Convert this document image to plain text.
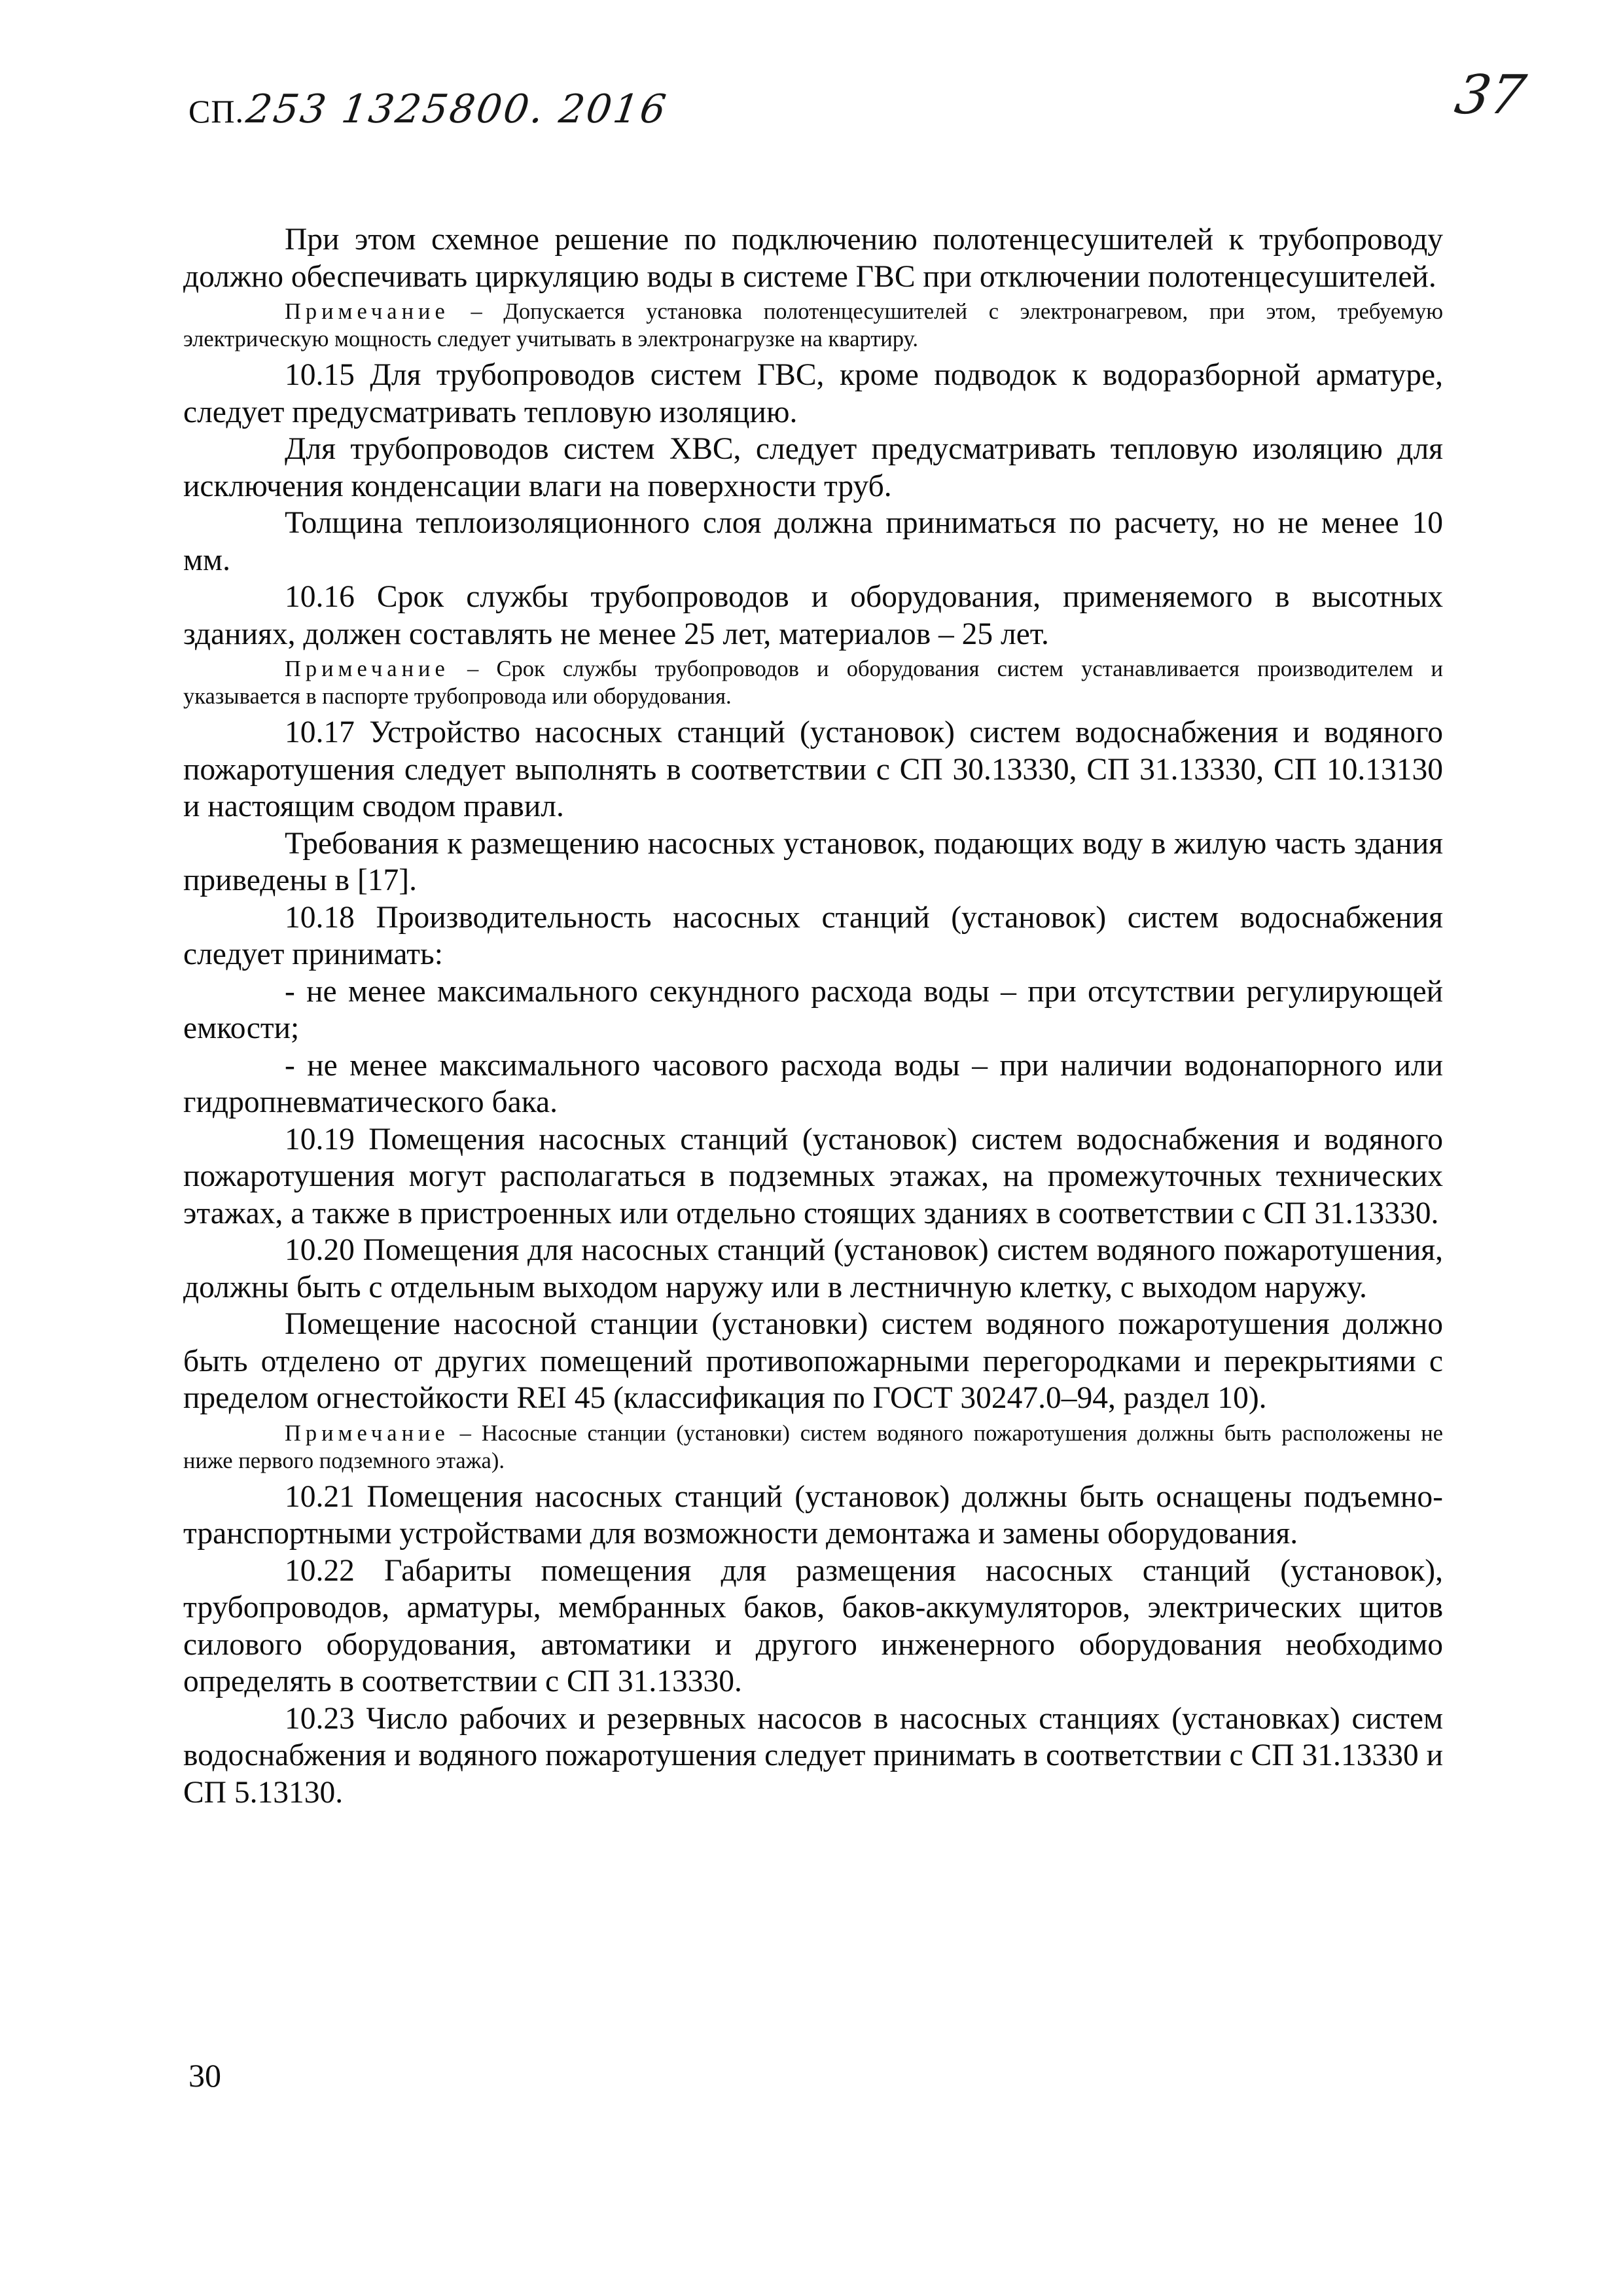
СП. 253 1325800. 2016	37

При этом схемное решение по подключению полотенцесушителей к трубопроводу должно обеспечивать циркуляцию воды в системе ГВС при отключении полотенцесушителей.

Примечание – Допускается установка полотенцесушителей с электронагревом, при этом, требуемую электрическую мощность следует учитывать в электронагрузке на квартиру.

10.15 Для трубопроводов систем ГВС, кроме подводок к водоразборной арматуре, следует предусматривать тепловую изоляцию.

Для трубопроводов систем ХВС, следует предусматривать тепловую изоляцию для исключения конденсации влаги на поверхности труб.

Толщина теплоизоляционного слоя должна приниматься по расчету, но не менее 10 мм.

10.16 Срок службы трубопроводов и оборудования, применяемого в высотных зданиях, должен составлять не менее 25 лет, материалов – 25 лет.

Примечание – Срок службы трубопроводов и оборудования систем устанавливается производителем и указывается в паспорте трубопровода или оборудования.

10.17 Устройство насосных станций (установок) систем водоснабжения и водяного пожаротушения следует выполнять в соответствии с СП 30.13330, СП 31.13330, СП 10.13130 и настоящим сводом правил.

Требования к размещению насосных установок, подающих воду в жилую часть здания приведены в [17].

10.18 Производительность насосных станций (установок) систем водоснабжения следует принимать:

- не менее максимального секундного расхода воды – при отсутствии регулирующей емкости;

- не менее максимального часового расхода воды – при наличии водонапорного или гидропневматического бака.

10.19 Помещения насосных станций (установок) систем водоснабжения и водяного пожаротушения могут располагаться в подземных этажах, на промежуточных технических этажах, а также в пристроенных или отдельно стоящих зданиях в соответствии с СП 31.13330.

10.20 Помещения для насосных станций (установок) систем водяного пожаротушения, должны быть с отдельным выходом наружу или в лестничную клетку, с выходом наружу.

Помещение насосной станции (установки) систем водяного пожаротушения должно быть отделено от других помещений противопожарными перегородками и перекрытиями с пределом огнестойкости REI 45 (классификация по ГОСТ 30247.0–94, раздел 10).

Примечание – Насосные станции (установки) систем водяного пожаротушения должны быть расположены не ниже первого подземного этажа).

10.21 Помещения насосных станций (установок) должны быть оснащены подъемно-транспортными устройствами для возможности демонтажа и замены оборудования.

10.22 Габариты помещения для размещения насосных станций (установок), трубопроводов, арматуры, мембранных баков, баков-аккумуляторов, электрических щитов силового оборудования, автоматики и другого инженерного оборудования необходимо определять в соответствии с СП 31.13330.

10.23 Число рабочих и резервных насосов в насосных станциях (установках) систем водоснабжения и водяного пожаротушения следует принимать в соответствии с СП 31.13330 и СП 5.13130.

30
